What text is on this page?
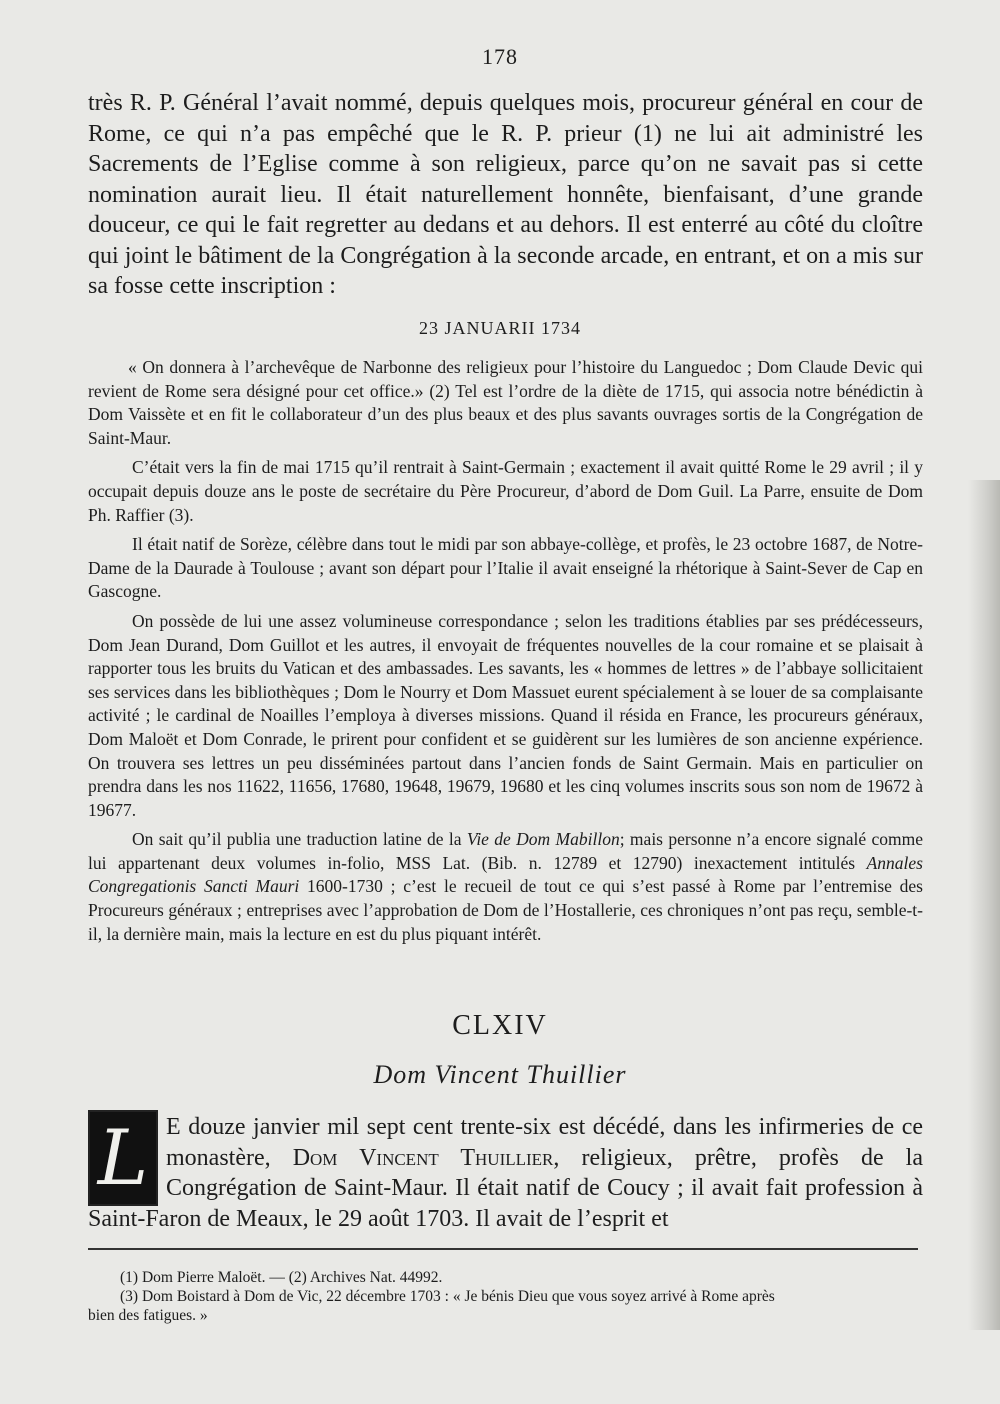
178
très R. P. Général l’avait nommé, depuis quelques mois, procureur général en cour de Rome, ce qui n’a pas empêché que le R. P. prieur (1) ne lui ait administré les Sacrements de l’Eglise comme à son religieux, parce qu’on ne savait pas si cette nomination aurait lieu. Il était naturellement honnête, bienfaisant, d’une grande douceur, ce qui le fait regretter au dedans et au dehors. Il est enterré au côté du cloître qui joint le bâtiment de la Congrégation à la seconde arcade, en entrant, et on a mis sur sa fosse cette inscription :
23 JANUARII 1734

« On donnera à l’archevêque de Narbonne des religieux pour l’histoire du Languedoc ; Dom Claude Devic qui revient de Rome sera désigné pour cet office.» (2) Tel est l’ordre de la diète de 1715, qui associa notre bénédictin à Dom Vaissète et en fit le collaborateur d’un des plus beaux et des plus savants ouvrages sortis de la Congrégation de Saint-Maur.

C’était vers la fin de mai 1715 qu’il rentrait à Saint-Germain ; exactement il avait quitté Rome le 29 avril ; il y occupait depuis douze ans le poste de secrétaire du Père Procureur, d’abord de Dom Guil. La Parre, ensuite de Dom Ph. Raffier (3).

Il était natif de Sorèze, célèbre dans tout le midi par son abbaye-collège, et profès, le 23 octobre 1687, de Notre-Dame de la Daurade à Toulouse ; avant son départ pour l’Italie il avait enseigné la rhétorique à Saint-Sever de Cap en Gascogne.

On possède de lui une assez volumineuse correspondance ; selon les traditions établies par ses prédécesseurs, Dom Jean Durand, Dom Guillot et les autres, il envoyait de fréquentes nouvelles de la cour romaine et se plaisait à rapporter tous les bruits du Vatican et des ambassades. Les savants, les « hommes de lettres » de l’abbaye sollicitaient ses services dans les bibliothèques ; Dom le Nourry et Dom Massuet eurent spécialement à se louer de sa complaisante activité ; le cardinal de Noailles l’employa à diverses missions. Quand il résida en France, les procureurs généraux, Dom Maloët et Dom Conrade, le prirent pour confident et se guidèrent sur les lumières de son ancienne expérience. On trouvera ses lettres un peu disséminées partout dans l’ancien fonds de Saint Germain. Mais en particulier on prendra dans les nos 11622, 11656, 17680, 19648, 19679, 19680 et les cinq volumes inscrits sous son nom de 19672 à 19677.

On sait qu’il publia une traduction latine de la Vie de Dom Mabillon; mais personne n’a encore signalé comme lui appartenant deux volumes in-folio, MSS Lat. (Bib. n. 12789 et 12790) inexactement intitulés Annales Congregationis Sancti Mauri 1600-1730 ; c’est le recueil de tout ce qui s’est passé à Rome par l’entremise des Procureurs généraux ; entreprises avec l’approbation de Dom de l’Hostallerie, ces chroniques n’ont pas reçu, semble-t-il, la dernière main, mais la lecture en est du plus piquant intérêt.

CLXIV
Dom Vincent Thuillier
L E douze janvier mil sept cent trente-six est décédé, dans les infirmeries de ce monastère, Dom Vincent Thuillier, religieux, prêtre, profès de la Congrégation de Saint-Maur. Il était natif de Coucy ; il avait fait profession à Saint-Faron de Meaux, le 29 août 1703. Il avait de l’esprit et
(1) Dom Pierre Maloët. — (2) Archives Nat. 44992.
(3) Dom Boistard à Dom de Vic, 22 décembre 1703 : « Je bénis Dieu que vous soyez arrivé à Rome après
bien des fatigues. »
